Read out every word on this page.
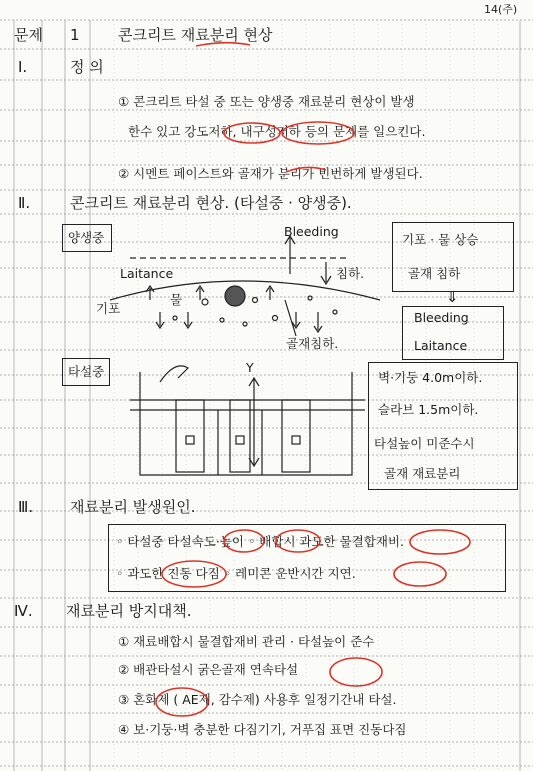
14(주)
문제 1	콘크리트 재료분리 현상
Ⅰ.	정 의
① 콘크리트 타설 중 또는 양생중 재료분리 현상이 발생
한수 있고 강도저하, 내구성저하 등의 문제를 일으킨다.
② 시멘트 페이스트와 골재가 분리가 빈번하게 발생된다.
Ⅱ.	콘크리트 재료분리 현상. (타설중 · 양생중).
양생중	Bleeding
Laitance	침하.
기포
물
골재침하.
기포 · 물 상승
골재 침하
⇓
Bleeding
Laitance
타설중	Y
벽·기둥 4.0m이하.
슬라브 1.5m이하.
타설높이 미준수시
골재 재료분리
Ⅲ. 재료분리 발생원인.
◦ 타설중 타설속도·높이 ◦ 배합시 과도한 물결합재비.
◦ 과도한 진동 다짐 ◦ 레미콘 운반시간 지연.
Ⅳ. 재료분리 방지대책.
① 재료배합시 물결합재비 관리 · 타설높이 준수
② 배관타설시 굵은골재 연속타설
③ 혼화제 ( AE제, 감수제) 사용후 일정기간내 타설.
④ 보·기둥·벽 충분한 다짐기기, 거푸집 표면 진동다짐
